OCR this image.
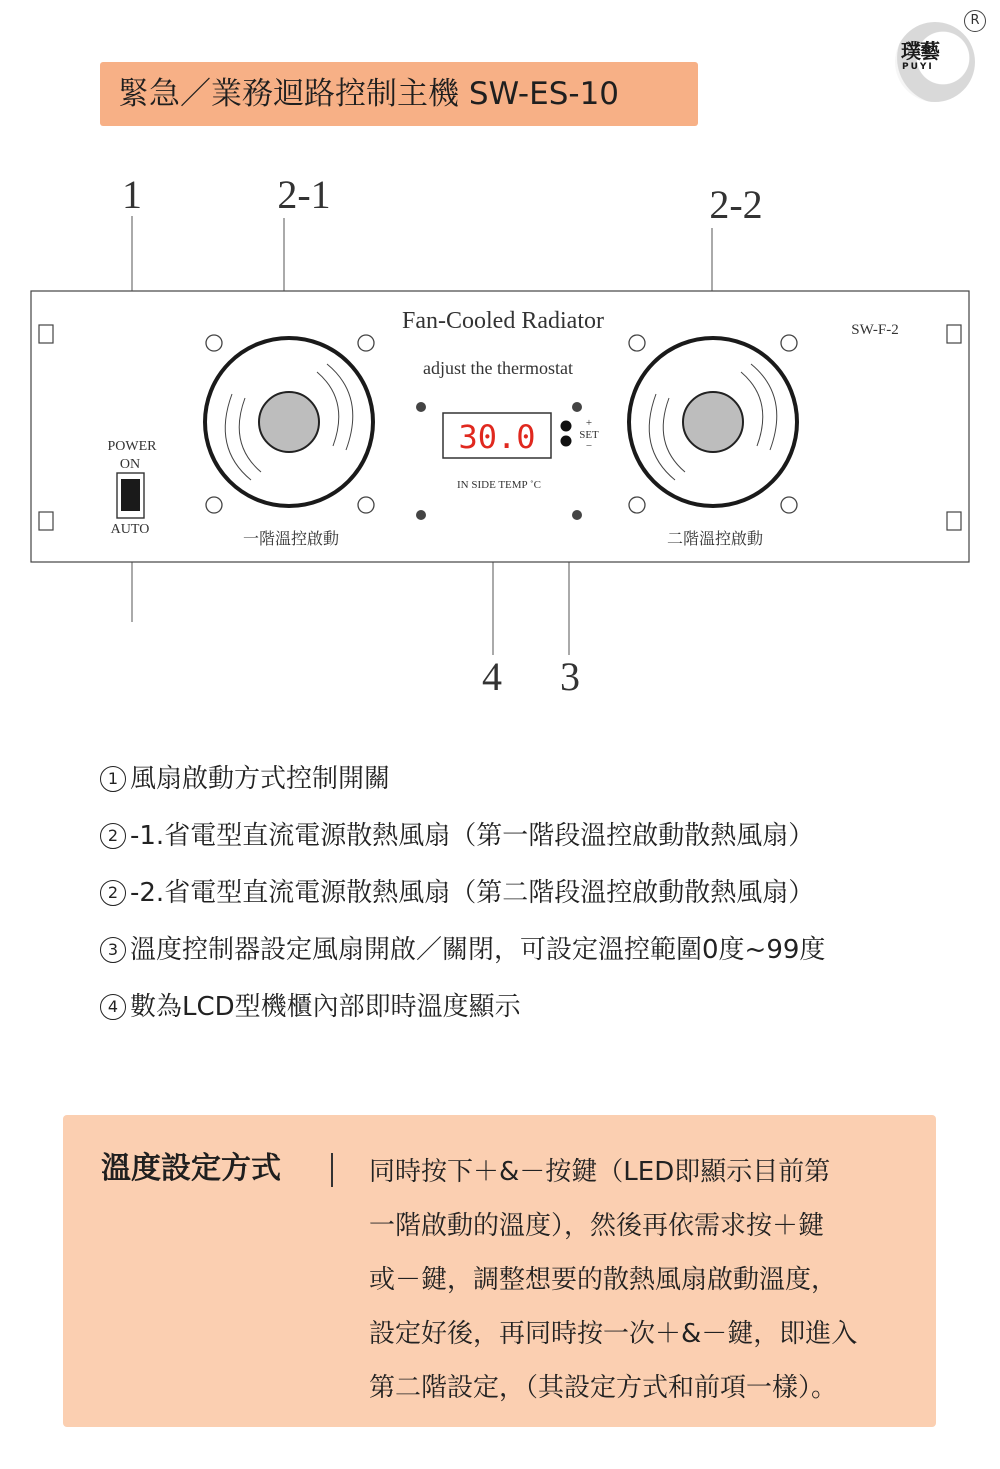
緊急／業務迴路控制主機 SW-ES-10
璞藝
PUYI
R
1	2-1	2-2
4 3
Fan-Cooled Radiator
adjust the thermostat
SW-F-2
POWER
ON
AUTO	一階溫控啟動	二階溫控啟動
30.0	+
SET
−
IN SIDE TEMP ˚C
1 風扇啟動方式控制開關
2 -1.省電型直流電源散熱風扇（第一階段溫控啟動散熱風扇）
2 -2.省電型直流電源散熱風扇（第二階段溫控啟動散熱風扇）
3 溫度控制器設定風扇開啟／關閉，可設定溫控範圍0度~99度
4 數為LCD型機櫃內部即時溫度顯示
溫度設定方式	同時按下＋&－按鍵（LED即顯示目前第
一階啟動的溫度），然後再依需求按＋鍵
或－鍵，調整想要的散熱風扇啟動溫度，
設定好後，再同時按一次＋&－鍵，即進入
第二階設定，（其設定方式和前項一樣）。
